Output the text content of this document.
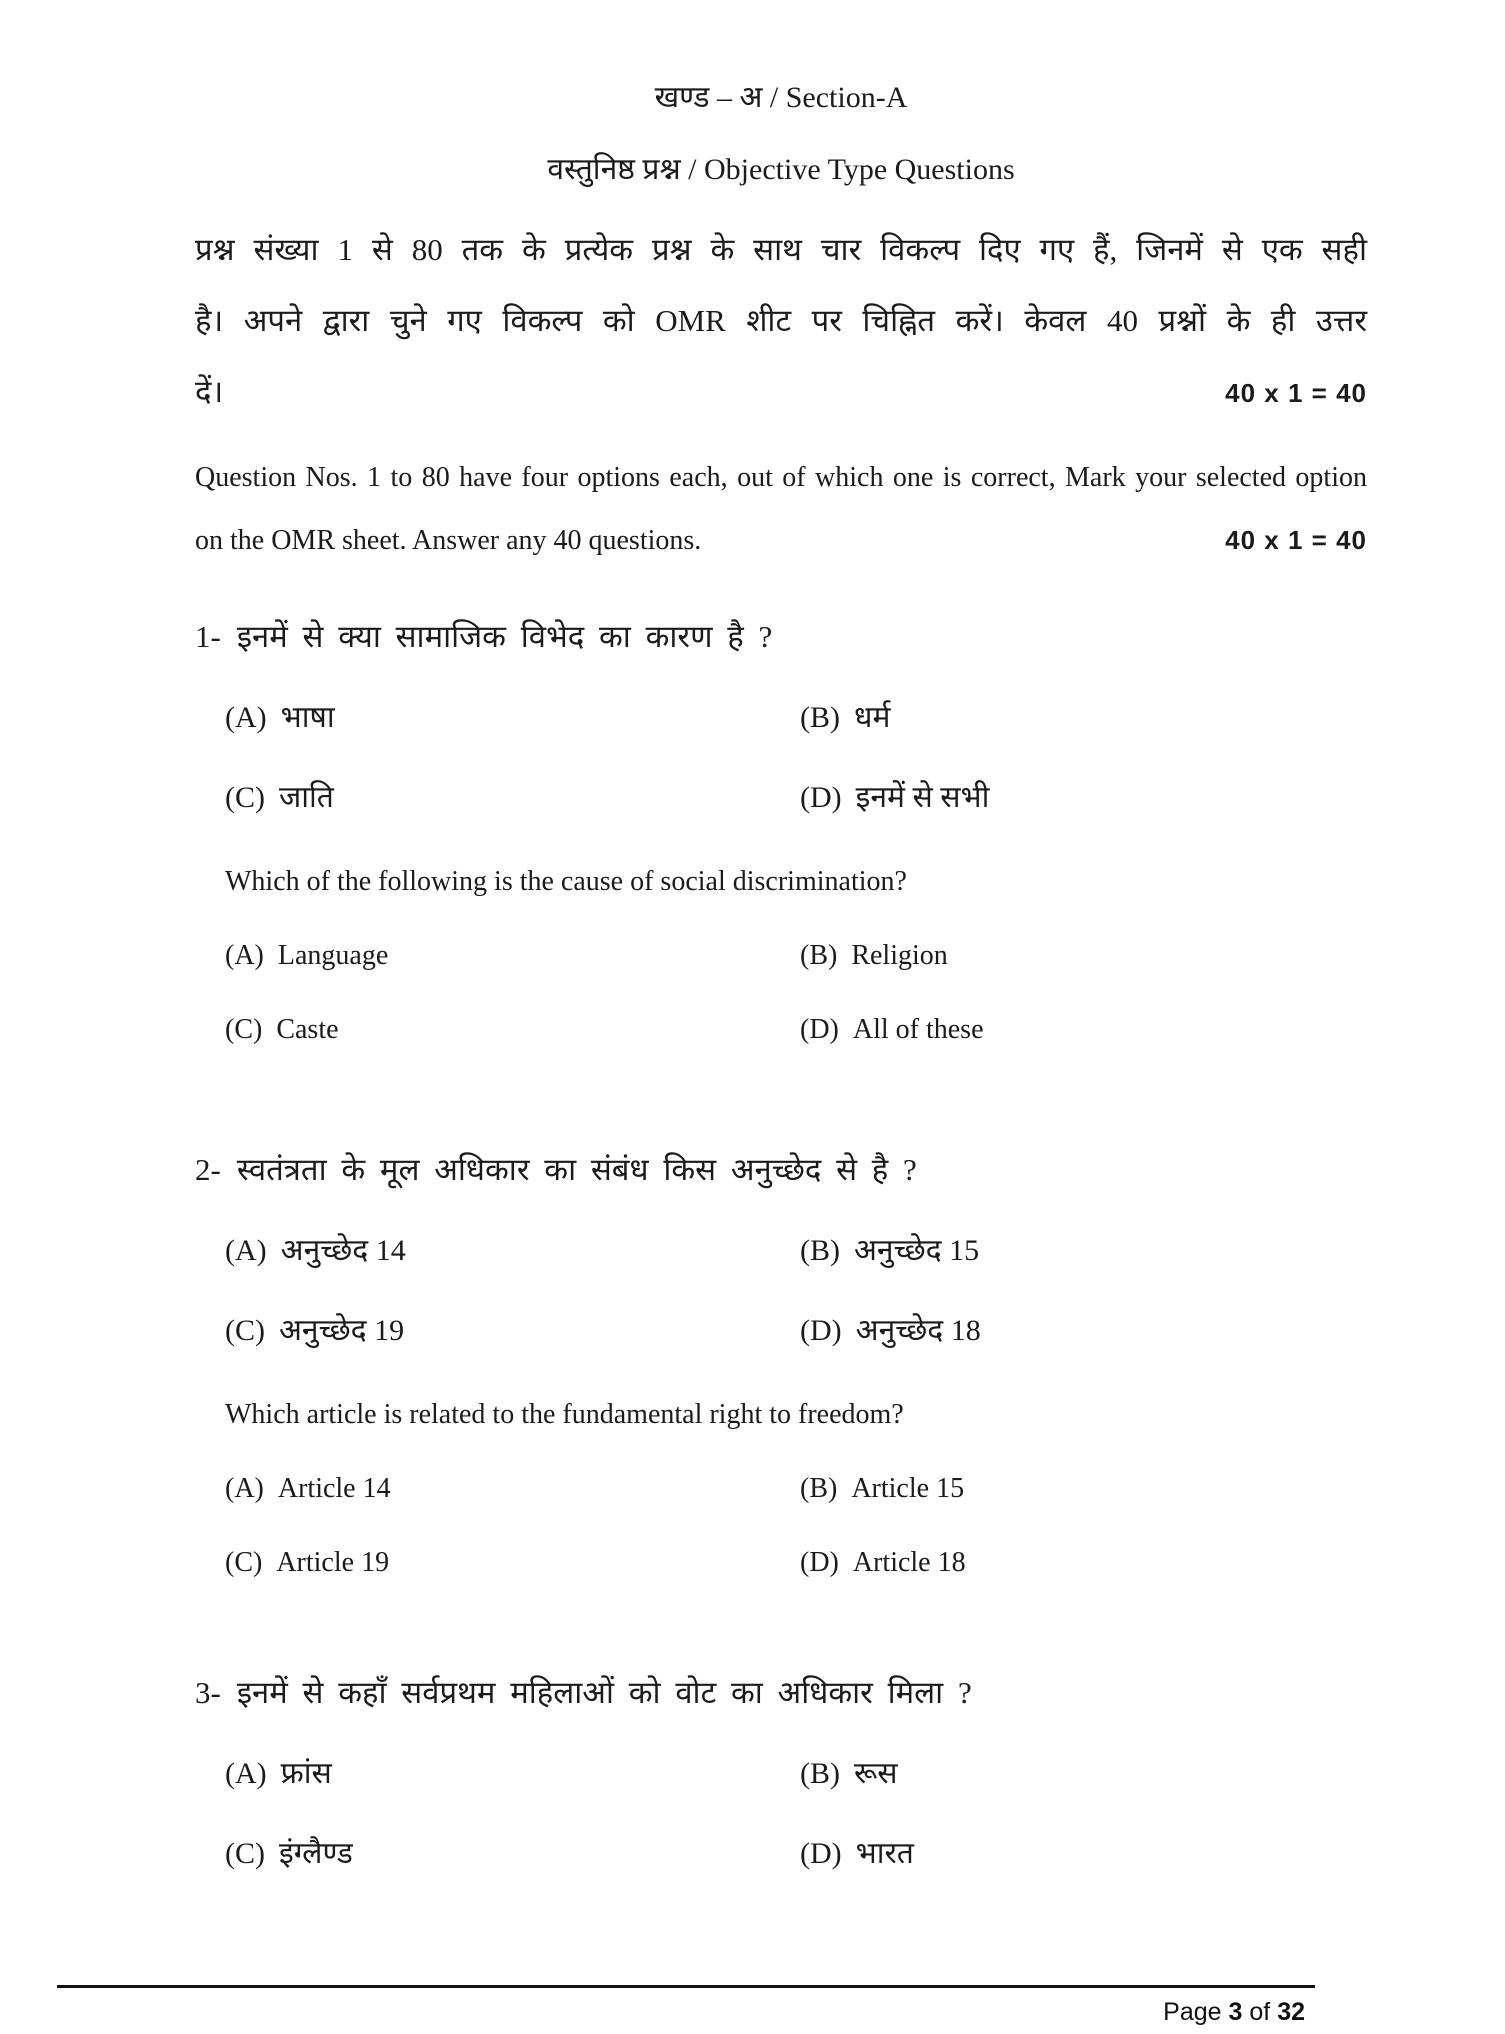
खण्ड – अ / Section-A
वस्तुनिष्ठ प्रश्न / Objective Type Questions
प्रश्न संख्या 1 से 80 तक के प्रत्येक प्रश्न के साथ चार विकल्प दिए गए हैं, जिनमें से एक सही
है। अपने द्वारा चुने गए विकल्प को OMR शीट पर चिह्नित करें। केवल 40 प्रश्नों के ही उत्तर
दें।	40 x 1 = 40
Question Nos. 1 to 80 have four options each, out of which one is correct, Mark your selected option
on the OMR sheet. Answer any 40 questions.	40 x 1 = 40
1- इनमें से क्या सामाजिक विभेद का कारण है ?
(A) भाषा	(B) धर्म
(C) जाति	(D) इनमें से सभी
Which of the following is the cause of social discrimination?
(A) Language	(B) Religion
(C) Caste	(D) All of these
2- स्वतंत्रता के मूल अधिकार का संबंध किस अनुच्छेद से है ?
(A) अनुच्छेद 14	(B) अनुच्छेद 15
(C) अनुच्छेद 19	(D) अनुच्छेद 18
Which article is related to the fundamental right to freedom?
(A) Article 14	(B) Article 15
(C) Article 19	(D) Article 18
3- इनमें से कहाँ सर्वप्रथम महिलाओं को वोट का अधिकार मिला ?
(A) फ्रांस	(B) रूस
(C) इंग्लैण्ड	(D) भारत
Page 3 of 32
